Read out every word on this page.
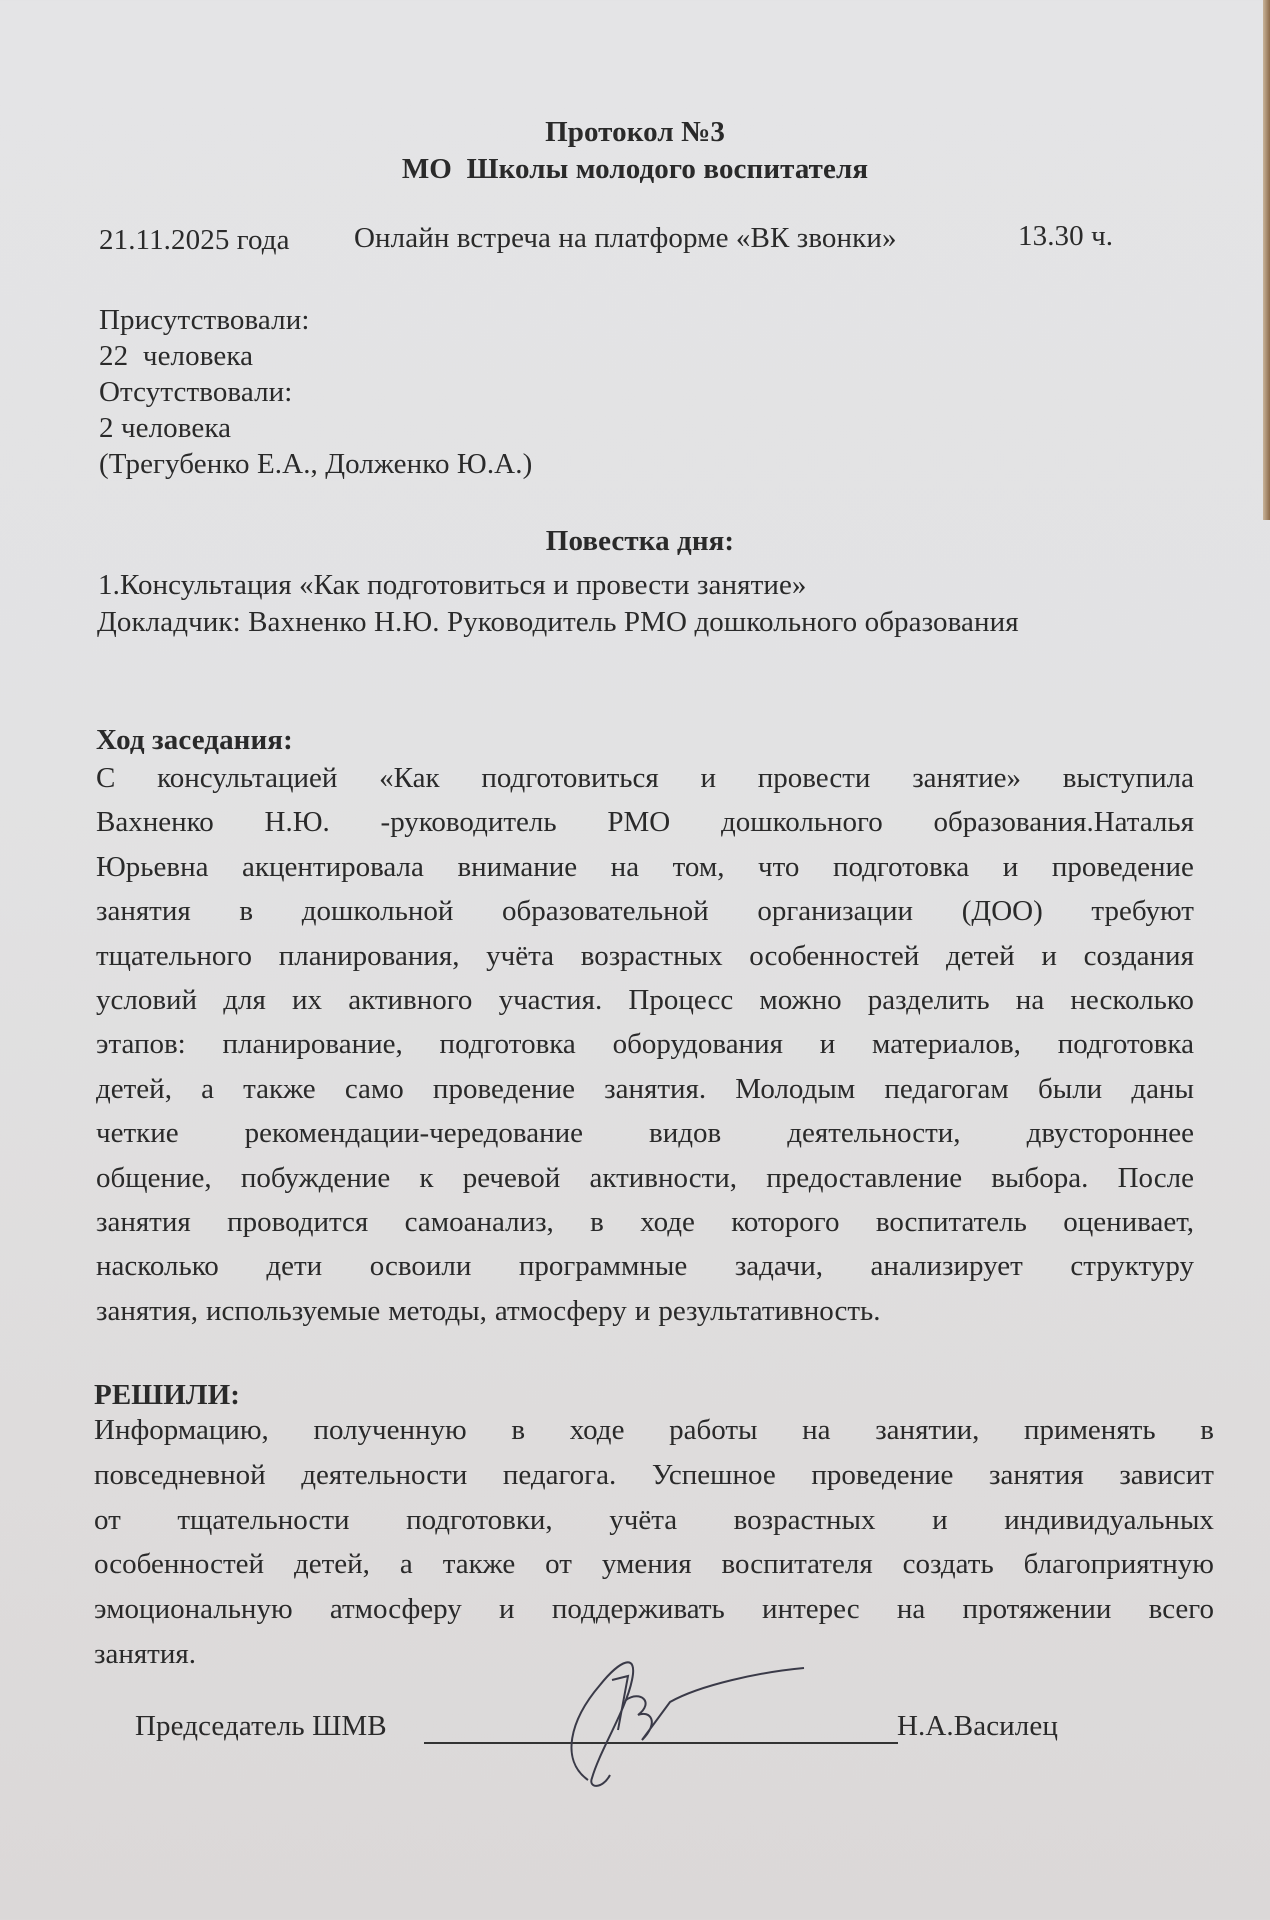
Протокол №3
МО  Школы молодого воспитателя
21.11.2025 года Онлайн встреча на платформе «ВК звонки»	13.30 ч.
Присутствовали:
22  человека
Отсутствовали:
2 человека
(Трегубенко Е.А., Долженко Ю.А.)
Повестка дня:
1.Консультация «Как подготовиться и провести занятие»
Докладчик: Вахненко Н.Ю. Руководитель РМО дошкольного образования
Ход заседания:
С консультацией «Как подготовиться и провести занятие» выступила
Вахненко Н.Ю. -руководитель РМО дошкольного образования.Наталья
Юрьевна акцентировала внимание на том, что подготовка и проведение
занятия в дошкольной образовательной организации (ДОО) требуют
тщательного планирования, учёта возрастных особенностей детей и создания
условий для их активного участия. Процесс можно разделить на несколько
этапов: планирование, подготовка оборудования и материалов, подготовка
детей, а также само проведение занятия. Молодым педагогам были даны
четкие рекомендации-чередование видов деятельности, двустороннее
общение, побуждение к речевой активности, предоставление выбора. После
занятия проводится самоанализ, в ходе которого воспитатель оценивает,
насколько дети освоили программные задачи, анализирует структуру
занятия, используемые методы, атмосферу и результативность.
РЕШИЛИ:
Информацию, полученную в ходе работы на занятии, применять в
повседневной деятельности педагога. Успешное проведение занятия зависит
от тщательности подготовки, учёта возрастных и индивидуальных
особенностей детей, а также от умения воспитателя создать благоприятную
эмоциональную атмосферу и поддерживать интерес на протяжении всего
занятия.
Председатель ШМВ	Н.А.Василец
